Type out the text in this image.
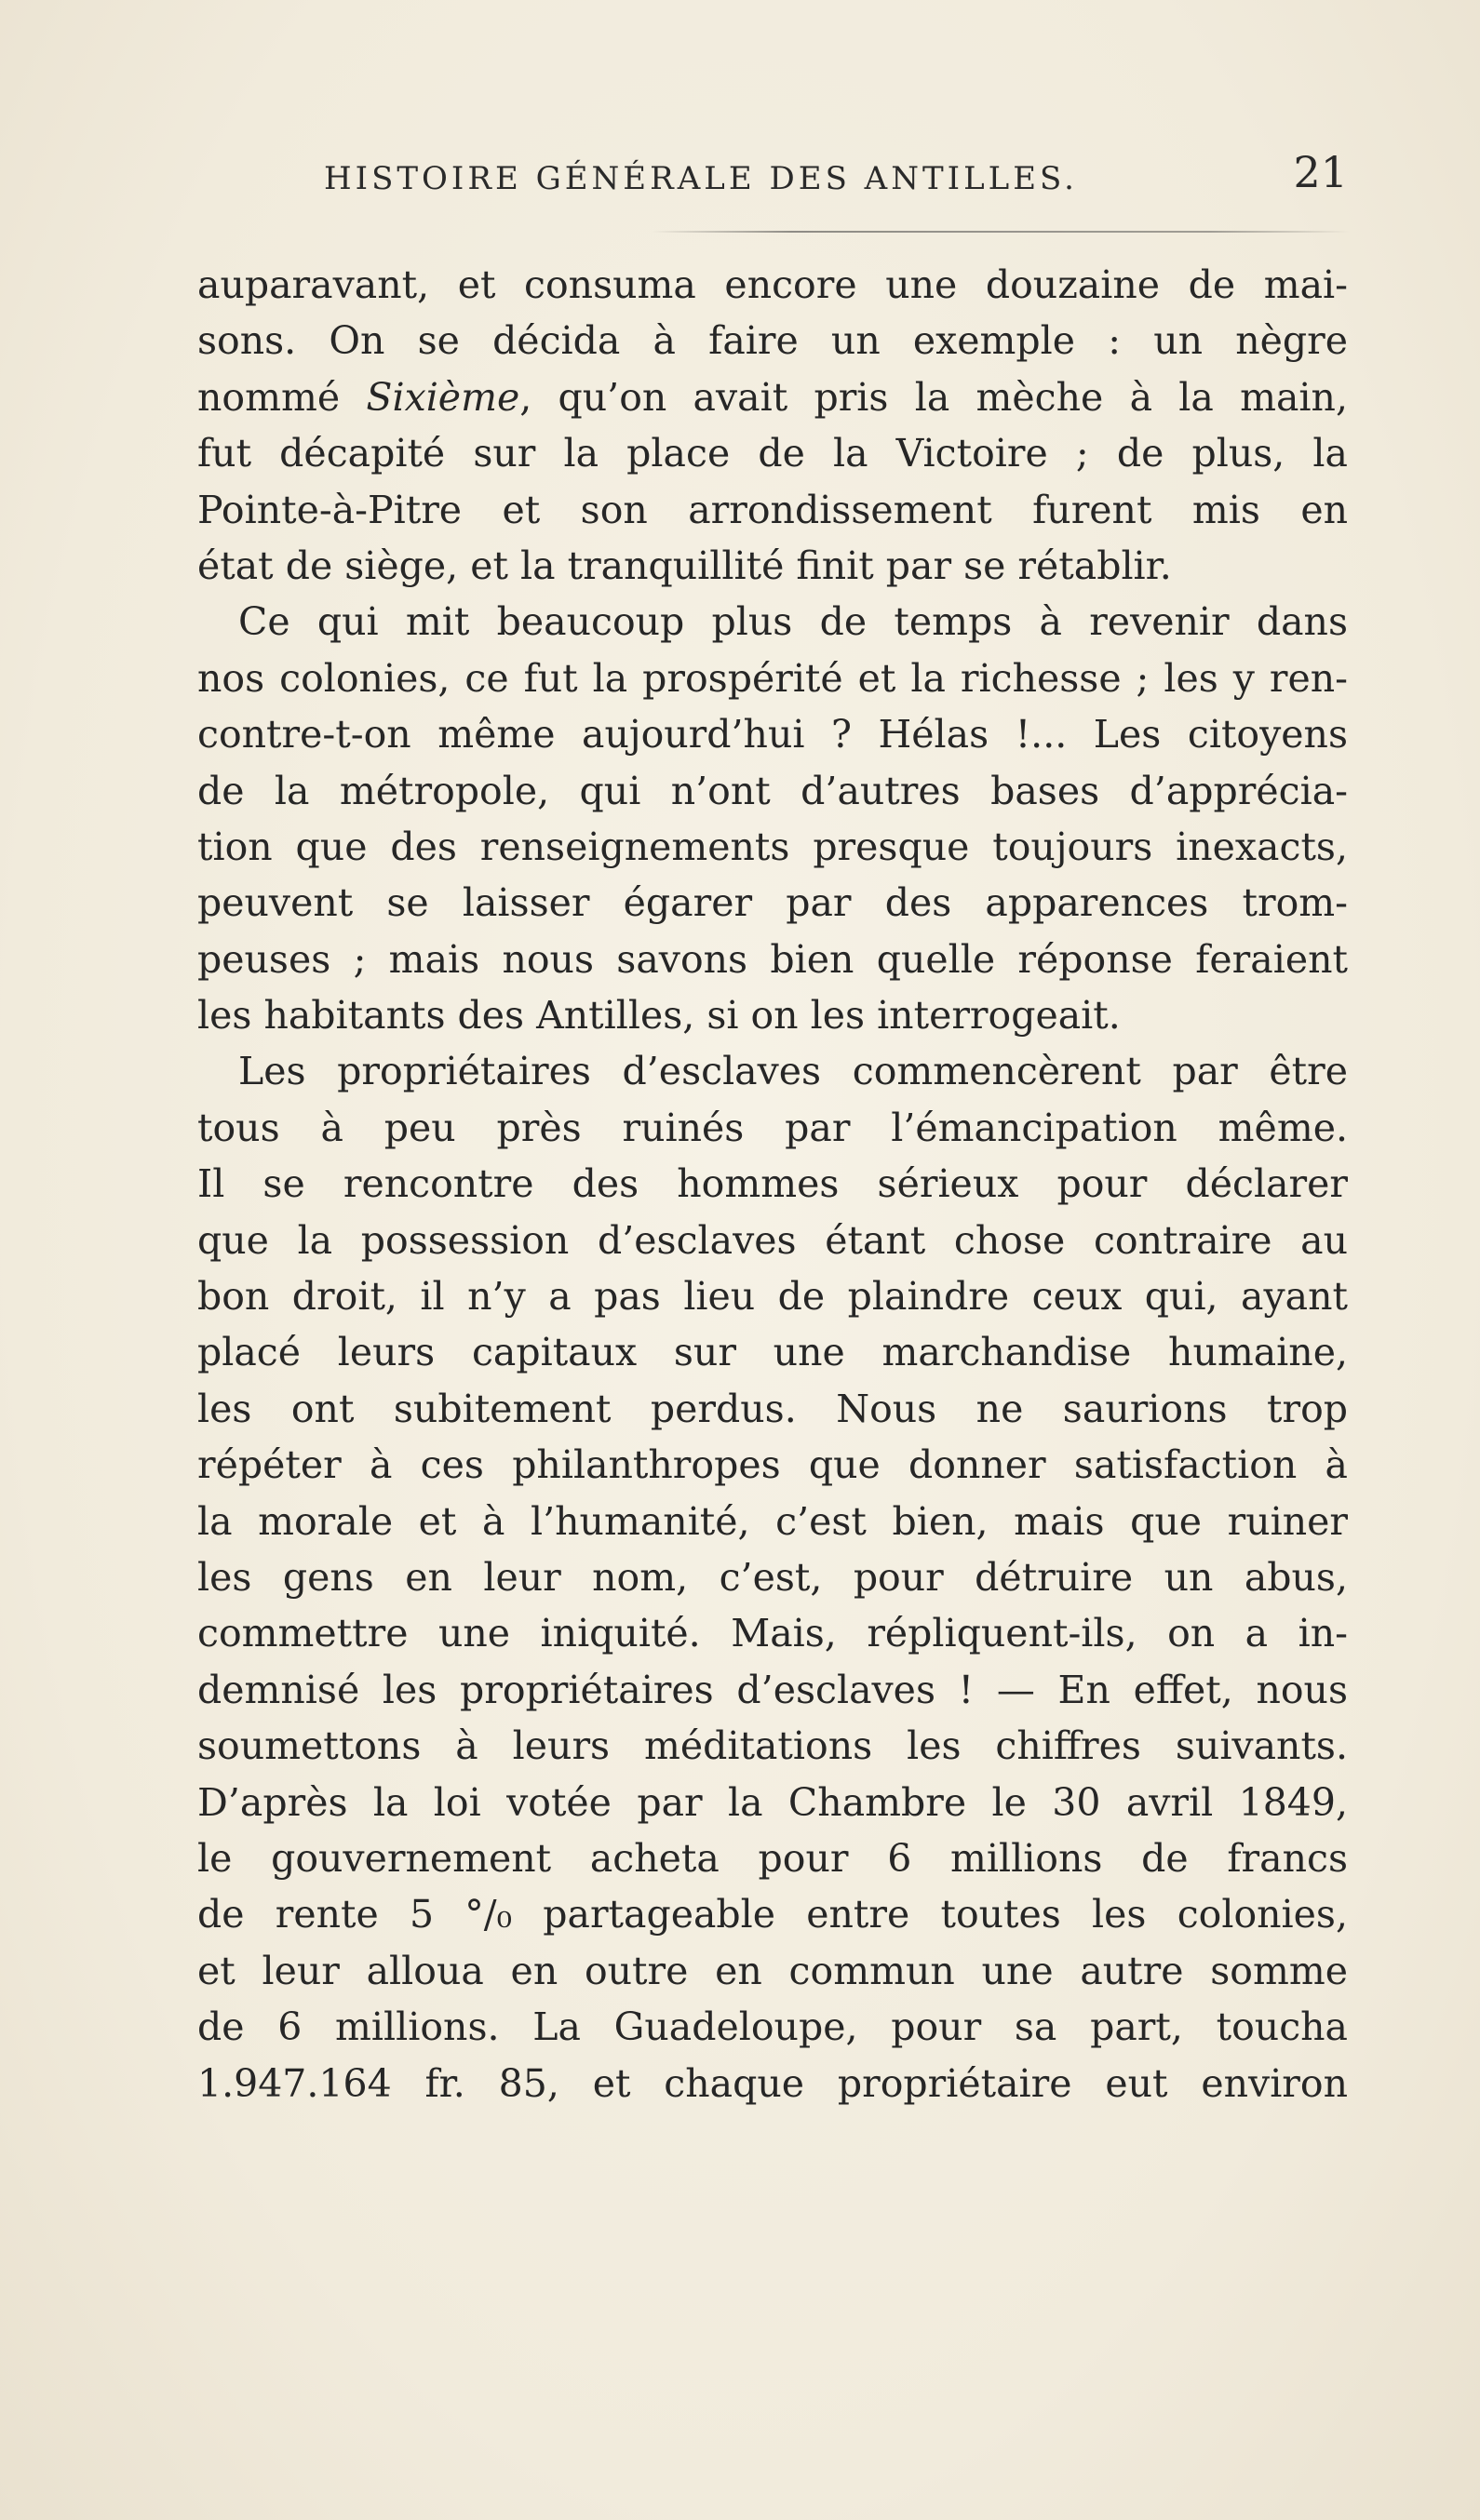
HISTOIRE GÉNÉRALE DES ANTILLES.	21
auparavant, et consuma encore une douzaine de mai-
sons. On se décida à faire un exemple : un nègre
nommé Sixième, qu’on avait pris la mèche à la main,
fut décapité sur la place de la Victoire ; de plus, la
Pointe-à-Pitre et son arrondissement furent mis en
état de siège, et la tranquillité finit par se rétablir.
Ce qui mit beaucoup plus de temps à revenir dans
nos colonies, ce fut la prospérité et la richesse ; les y ren-
contre-t-on même aujourd’hui ? Hélas !... Les citoyens
de la métropole, qui n’ont d’autres bases d’apprécia-
tion que des renseignements presque toujours inexacts,
peuvent se laisser égarer par des apparences trom-
peuses ; mais nous savons bien quelle réponse feraient
les habitants des Antilles, si on les interrogeait.
Les propriétaires d’esclaves commencèrent par être
tous à peu près ruinés par l’émancipation même.
Il se rencontre des hommes sérieux pour déclarer
que la possession d’esclaves étant chose contraire au
bon droit, il n’y a pas lieu de plaindre ceux qui, ayant
placé leurs capitaux sur une marchandise humaine,
les ont subitement perdus. Nous ne saurions trop
répéter à ces philanthropes que donner satisfaction à
la morale et à l’humanité, c’est bien, mais que ruiner
les gens en leur nom, c’est, pour détruire un abus,
commettre une iniquité. Mais, répliquent-ils, on a in-
demnisé les propriétaires d’esclaves ! — En effet, nous
soumettons à leurs méditations les chiffres suivants.
D’après la loi votée par la Chambre le 30 avril 1849,
le gouvernement acheta pour 6 millions de francs
de rente 5 °/₀ partageable entre toutes les colonies,
et leur alloua en outre en commun une autre somme
de 6 millions. La Guadeloupe, pour sa part, toucha
1.947.164 fr. 85, et chaque propriétaire eut environ
